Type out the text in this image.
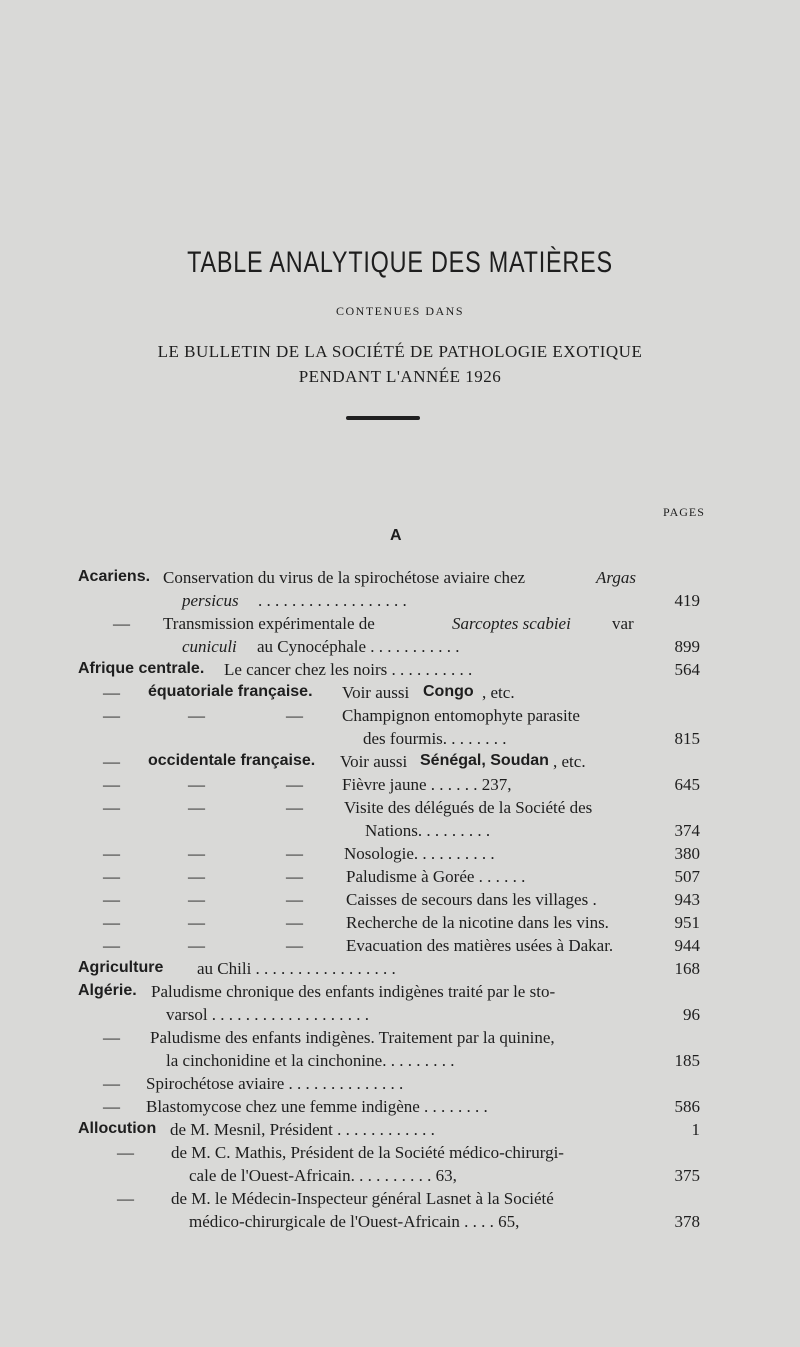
TABLE ANALYTIQUE DES MATIÈRES
CONTENUES DANS
LE BULLETIN DE LA SOCIÉTÉ DE PATHOLOGIE EXOTIQUE
PENDANT L'ANNÉE 1926
PAGES
A
Acariens. Conservation du virus de la spirochétose aviaire chez	Argas
persicus . . . . . . . . . . . . . . . . . .	419
— Transmission expérimentale de	Sarcoptes scabiei var
cuniculi au Cynocéphale . . . . . . . . . . .	899
Afrique centrale. Le cancer chez les noirs . . . . . . . . . .	564
— équatoriale française. Voir aussi Congo , etc.
—	—	— Champignon entomophyte parasite
des fourmis. . . . . . . .	815
— occidentale française. Voir aussi Sénégal, Soudan , etc.
—	—	— Fièvre jaune . . . . . . 237,	645
—	—	— Visite des délégués de la Société des
Nations. . . . . . . . .	374
—	—	— Nosologie. . . . . . . . . .	380
—	—	—	Paludisme à Gorée . . . . . .	507
—	—	—	Caisses de secours dans les villages .	943
—	—	—	Recherche de la nicotine dans les vins.	951
—	—	—	Evacuation des matières usées à Dakar.	944
Agriculture au Chili . . . . . . . . . . . . . . . . .	168
Algérie. Paludisme chronique des enfants indigènes traité par le sto-
varsol . . . . . . . . . . . . . . . . . . .	96
— Paludisme des enfants indigènes. Traitement par la quinine,
la cinchonidine et la cinchonine. . . . . . . . .	185
— Spirochétose aviaire . . . . . . . . . . . . . .
— Blastomycose chez une femme indigène . . . . . . . .	586
Allocution de M. Mesnil, Président . . . . . . . . . . . .	1
— de M. C. Mathis, Président de la Société médico-chirurgi-
cale de l'Ouest-Africain. . . . . . . . . . 63,	375
— de M. le Médecin-Inspecteur général Lasnet à la Société
médico-chirurgicale de l'Ouest-Africain . . . . 65,	378
